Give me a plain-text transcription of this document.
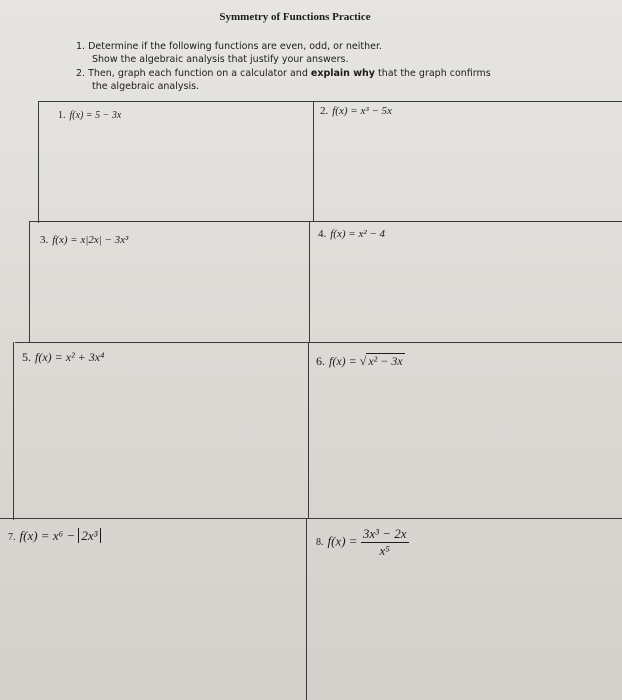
Symmetry of Functions Practice
1. Determine if the following functions are even, odd, or neither.
Show the algebraic analysis that justify your answers.
2. Then, graph each function on a calculator and explain why that the graph confirms
the algebraic analysis.
1. f(x) = 5 − 3x	2. f(x) = x³ − 5x
3. f(x) = x|2x| − 3x³	4. f(x) = x² − 4
5. f(x) = x² + 3x⁴	6. f(x) = √ x² − 3x
7. f(x) = x⁶ − 2x³	8. $f(x) = \frac{\text{3x³ − 2x}}{\text{x⁵}}$
